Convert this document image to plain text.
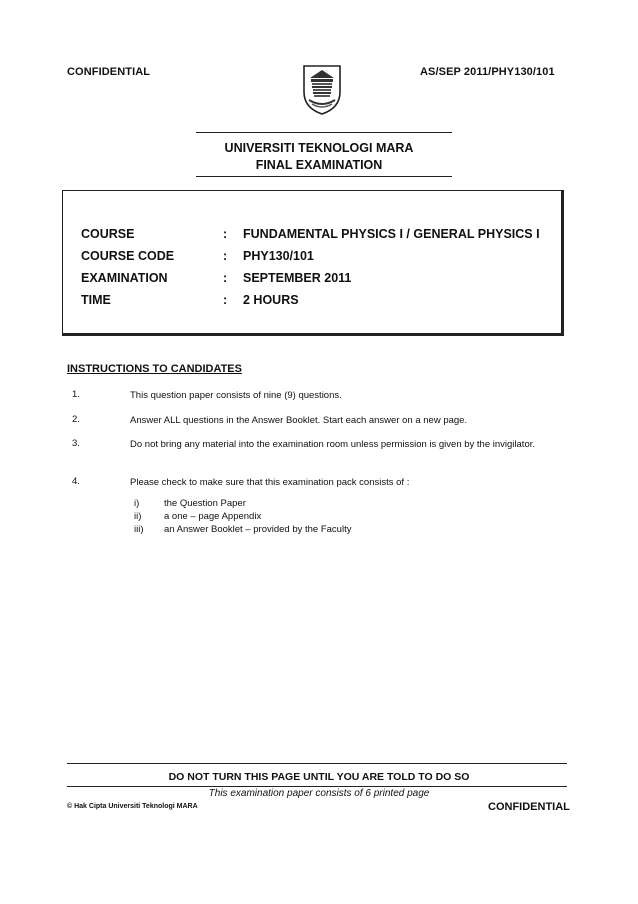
CONFIDENTIAL	AS/SEP 2011/PHY130/101
UNIVERSITI TEKNOLOGI MARA
FINAL EXAMINATION
COURSE	: FUNDAMENTAL PHYSICS I / GENERAL PHYSICS I
COURSE CODE	: PHY130/101
EXAMINATION	: SEPTEMBER 2011
TIME	: 2 HOURS
INSTRUCTIONS TO CANDIDATES
1.	This question paper consists of nine (9) questions.
2.	Answer ALL questions in the Answer Booklet. Start each answer on a new page.
3.	Do not bring any material into the examination room unless permission is given by the invigilator.
4.	Please check to make sure that this examination pack consists of :
i)	the Question Paper
ii) a one – page Appendix
iii) an Answer Booklet – provided by the Faculty
DO NOT TURN THIS PAGE UNTIL YOU ARE TOLD TO DO SO
This examination paper consists of 6 printed page
© Hak Cipta Universiti Teknologi MARA	CONFIDENTIAL
